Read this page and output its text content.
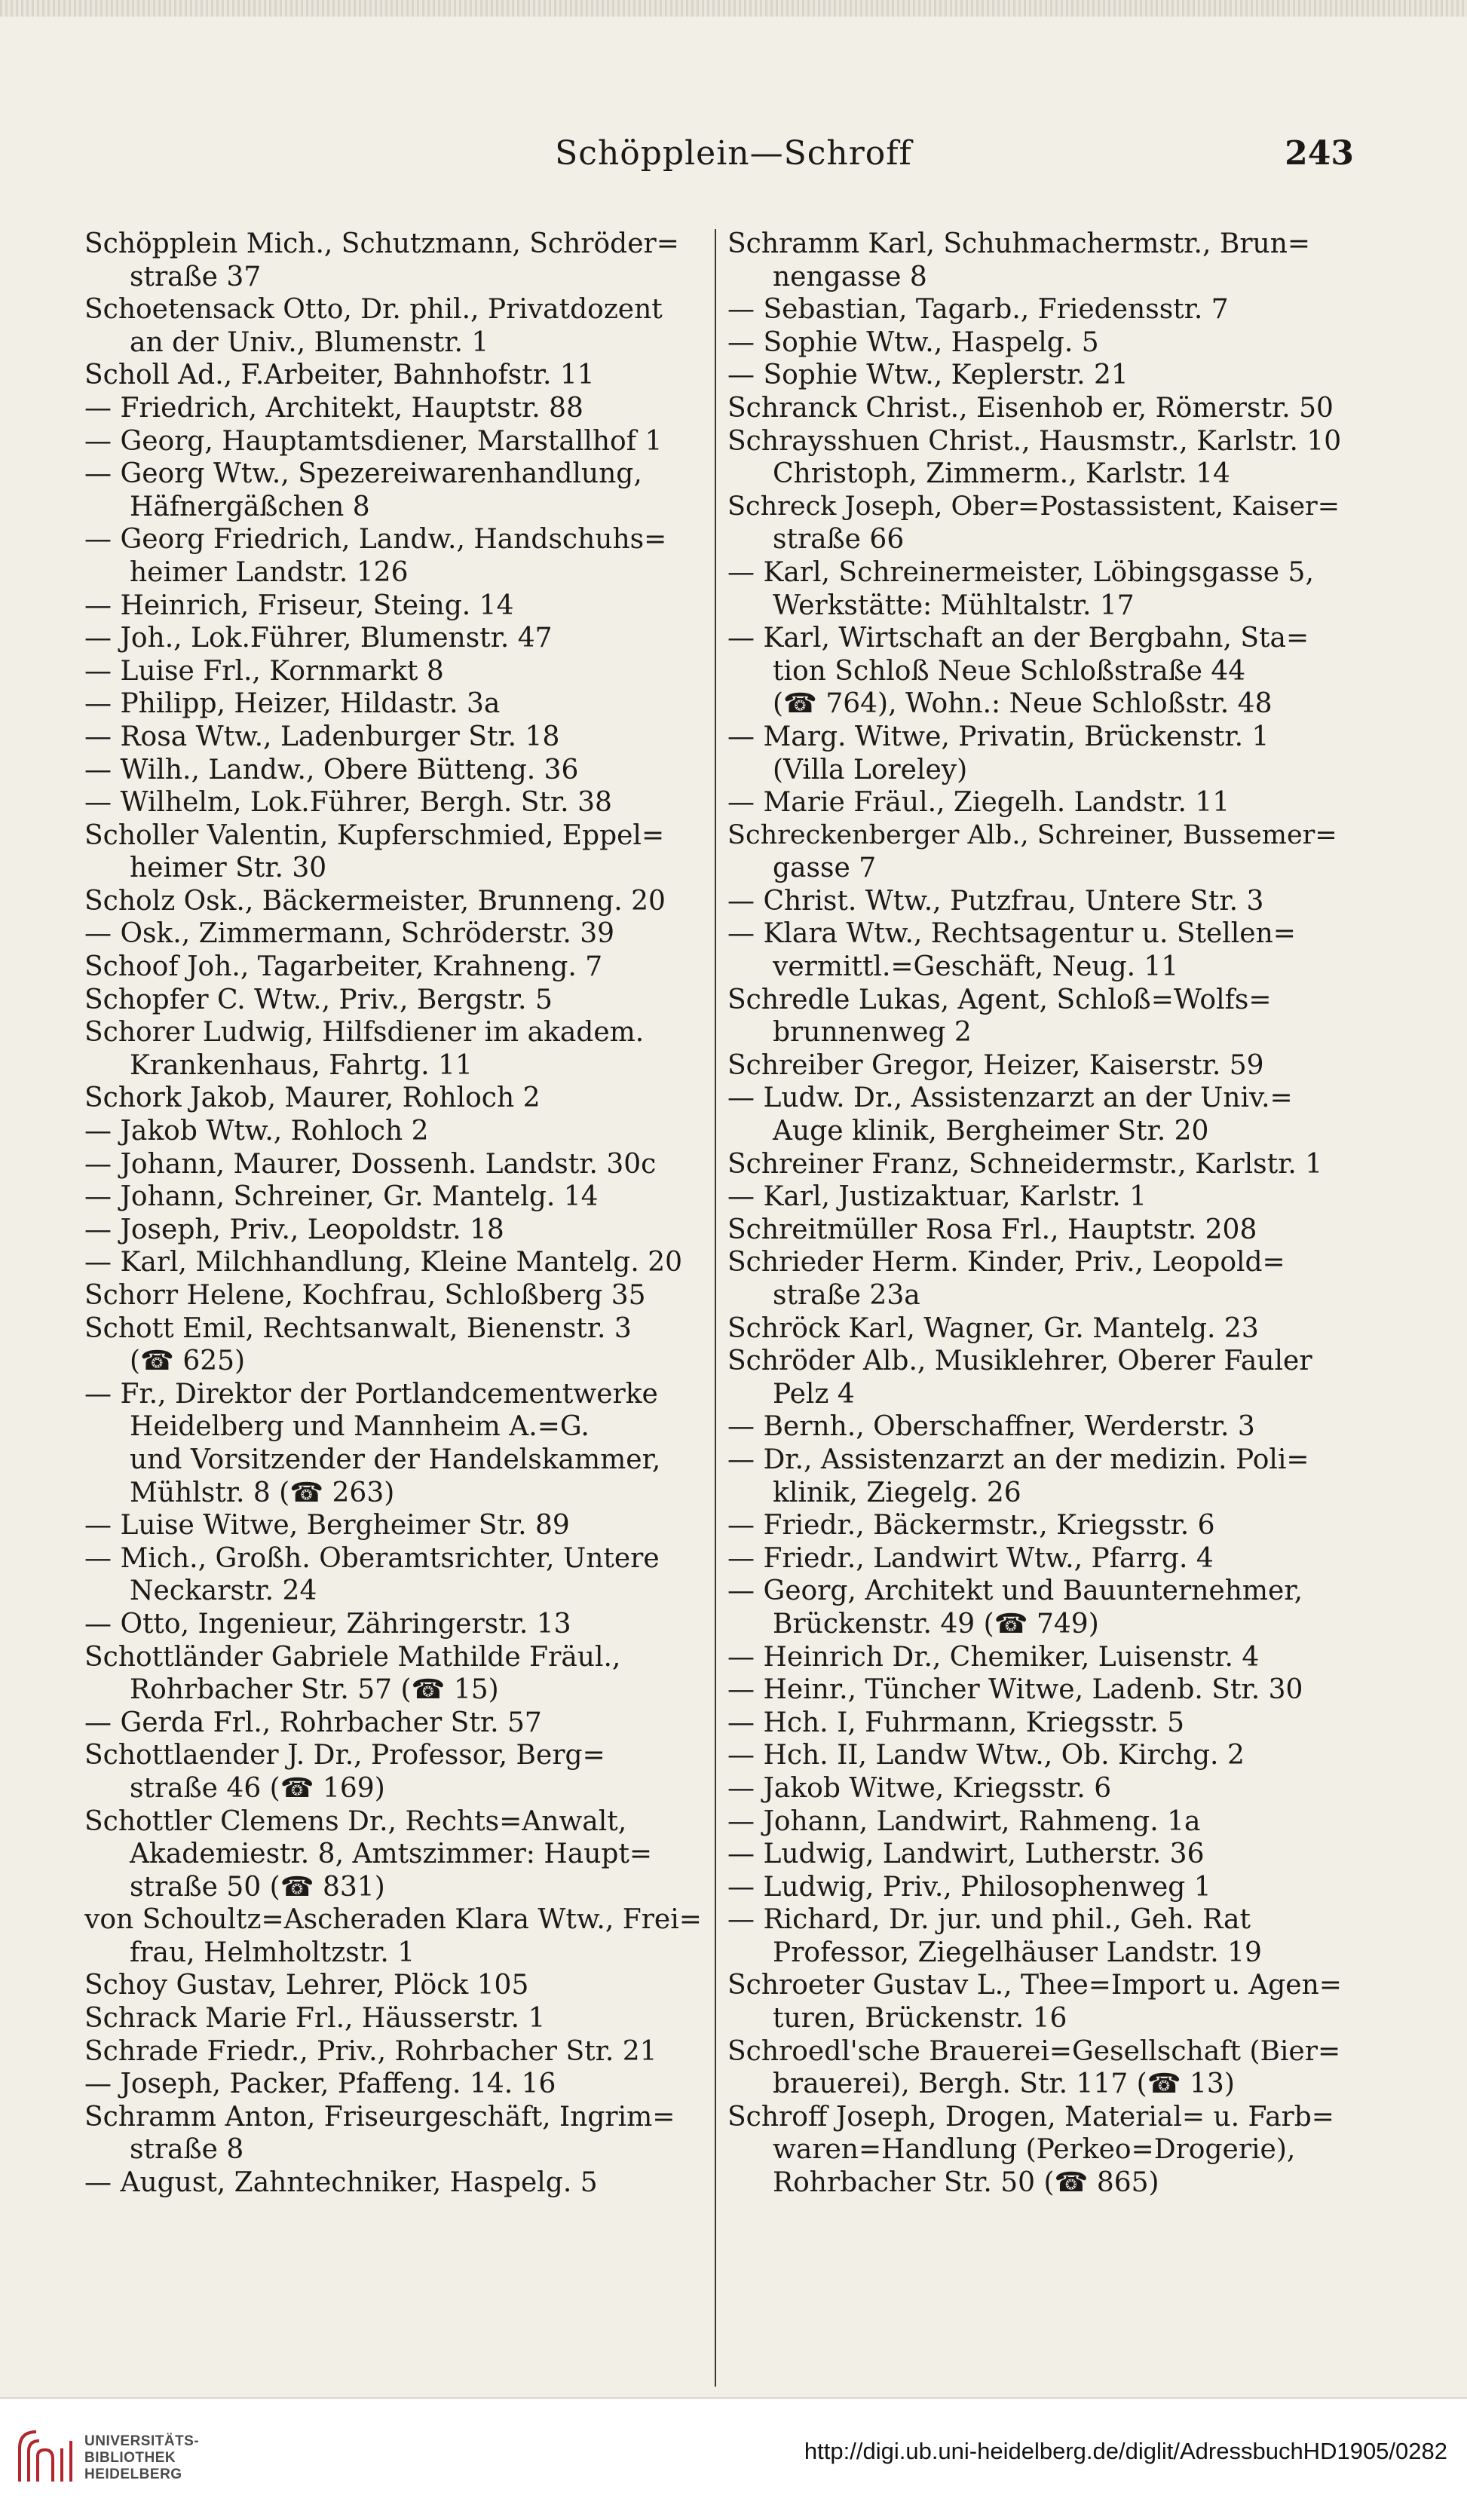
Schöpplein—Schroff	243
Schöpplein Mich., Schutzmann, Schröder=
straße 37
Schoetensack Otto, Dr. phil., Privatdozent
an der Univ., Blumenstr. 1
Scholl Ad., F.Arbeiter, Bahnhofstr. 11
— Friedrich, Architekt, Hauptstr. 88
— Georg, Hauptamtsdiener, Marstallhof 1
— Georg Wtw., Spezereiwarenhandlung,
Häfnergäßchen 8
— Georg Friedrich, Landw., Handschuhs=
heimer Landstr. 126
— Heinrich, Friseur, Steing. 14
— Joh., Lok.Führer, Blumenstr. 47
— Luise Frl., Kornmarkt 8
— Philipp, Heizer, Hildastr. 3a
— Rosa Wtw., Ladenburger Str. 18
— Wilh., Landw., Obere Bütteng. 36
— Wilhelm, Lok.Führer, Bergh. Str. 38
Scholler Valentin, Kupferschmied, Eppel=
heimer Str. 30
Scholz Osk., Bäckermeister, Brunneng. 20
— Osk., Zimmermann, Schröderstr. 39
Schoof Joh., Tagarbeiter, Krahneng. 7
Schopfer C. Wtw., Priv., Bergstr. 5
Schorer Ludwig, Hilfsdiener im akadem.
Krankenhaus, Fahrtg. 11
Schork Jakob, Maurer, Rohloch 2
— Jakob Wtw., Rohloch 2
— Johann, Maurer, Dossenh. Landstr. 30c
— Johann, Schreiner, Gr. Mantelg. 14
— Joseph, Priv., Leopoldstr. 18
— Karl, Milchhandlung, Kleine Mantelg. 20
Schorr Helene, Kochfrau, Schloßberg 35
Schott Emil, Rechtsanwalt, Bienenstr. 3
(☎ 625)
— Fr., Direktor der Portlandcementwerke
Heidelberg und Mannheim A.=G.
und Vorsitzender der Handelskammer,
Mühlstr. 8 (☎ 263)
— Luise Witwe, Bergheimer Str. 89
— Mich., Großh. Oberamtsrichter, Untere
Neckarstr. 24
— Otto, Ingenieur, Zähringerstr. 13
Schottländer Gabriele Mathilde Fräul.,
Rohrbacher Str. 57 (☎ 15)
— Gerda Frl., Rohrbacher Str. 57
Schottlaender J. Dr., Professor, Berg=
straße 46 (☎ 169)
Schottler Clemens Dr., Rechts=Anwalt,
Akademiestr. 8, Amtszimmer: Haupt=
straße 50 (☎ 831)
von Schoultz=Ascheraden Klara Wtw., Frei=
frau, Helmholtzstr. 1
Schoy Gustav, Lehrer, Plöck 105
Schrack Marie Frl., Häusserstr. 1
Schrade Friedr., Priv., Rohrbacher Str. 21
— Joseph, Packer, Pfaffeng. 14. 16
Schramm Anton, Friseurgeschäft, Ingrim=
straße 8
— August, Zahntechniker, Haspelg. 5
Schramm Karl, Schuhmachermstr., Brun=
nengasse 8
— Sebastian, Tagarb., Friedensstr. 7
— Sophie Wtw., Haspelg. 5
— Sophie Wtw., Keplerstr. 21
Schranck Christ., Eisenhob er, Römerstr. 50
Schraysshuen Christ., Hausmstr., Karlstr. 10
Christoph, Zimmerm., Karlstr. 14
Schreck Joseph, Ober=Postassistent, Kaiser=
straße 66
— Karl, Schreinermeister, Löbingsgasse 5,
Werkstätte: Mühltalstr. 17
— Karl, Wirtschaft an der Bergbahn, Sta=
tion Schloß Neue Schloßstraße 44
(☎ 764), Wohn.: Neue Schloßstr. 48
— Marg. Witwe, Privatin, Brückenstr. 1
(Villa Loreley)
— Marie Fräul., Ziegelh. Landstr. 11
Schreckenberger Alb., Schreiner, Bussemer=
gasse 7
— Christ. Wtw., Putzfrau, Untere Str. 3
— Klara Wtw., Rechtsagentur u. Stellen=
vermittl.=Geschäft, Neug. 11
Schredle Lukas, Agent, Schloß=Wolfs=
brunnenweg 2
Schreiber Gregor, Heizer, Kaiserstr. 59
— Ludw. Dr., Assistenzarzt an der Univ.=
Auge klinik, Bergheimer Str. 20
Schreiner Franz, Schneidermstr., Karlstr. 1
— Karl, Justizaktuar, Karlstr. 1
Schreitmüller Rosa Frl., Hauptstr. 208
Schrieder Herm. Kinder, Priv., Leopold=
straße 23a
Schröck Karl, Wagner, Gr. Mantelg. 23
Schröder Alb., Musiklehrer, Oberer Fauler
Pelz 4
— Bernh., Oberschaffner, Werderstr. 3
— Dr., Assistenzarzt an der medizin. Poli=
klinik, Ziegelg. 26
— Friedr., Bäckermstr., Kriegsstr. 6
— Friedr., Landwirt Wtw., Pfarrg. 4
— Georg, Architekt und Bauunternehmer,
Brückenstr. 49 (☎ 749)
— Heinrich Dr., Chemiker, Luisenstr. 4
— Heinr., Tüncher Witwe, Ladenb. Str. 30
— Hch. I, Fuhrmann, Kriegsstr. 5
— Hch. II, Landw Wtw., Ob. Kirchg. 2
— Jakob Witwe, Kriegsstr. 6
— Johann, Landwirt, Rahmeng. 1a
— Ludwig, Landwirt, Lutherstr. 36
— Ludwig, Priv., Philosophenweg 1
— Richard, Dr. jur. und phil., Geh. Rat
Professor, Ziegelhäuser Landstr. 19
Schroeter Gustav L., Thee=Import u. Agen=
turen, Brückenstr. 16
Schroedl'sche Brauerei=Gesellschaft (Bier=
brauerei), Bergh. Str. 117 (☎ 13)
Schroff Joseph, Drogen, Material= u. Farb=
waren=Handlung (Perkeo=Drogerie),
Rohrbacher Str. 50 (☎ 865)
UNIVERSITÄTS-
BIBLIOTHEK
HEIDELBERG
http://digi.ub.uni-heidelberg.de/diglit/AdressbuchHD1905/0282
